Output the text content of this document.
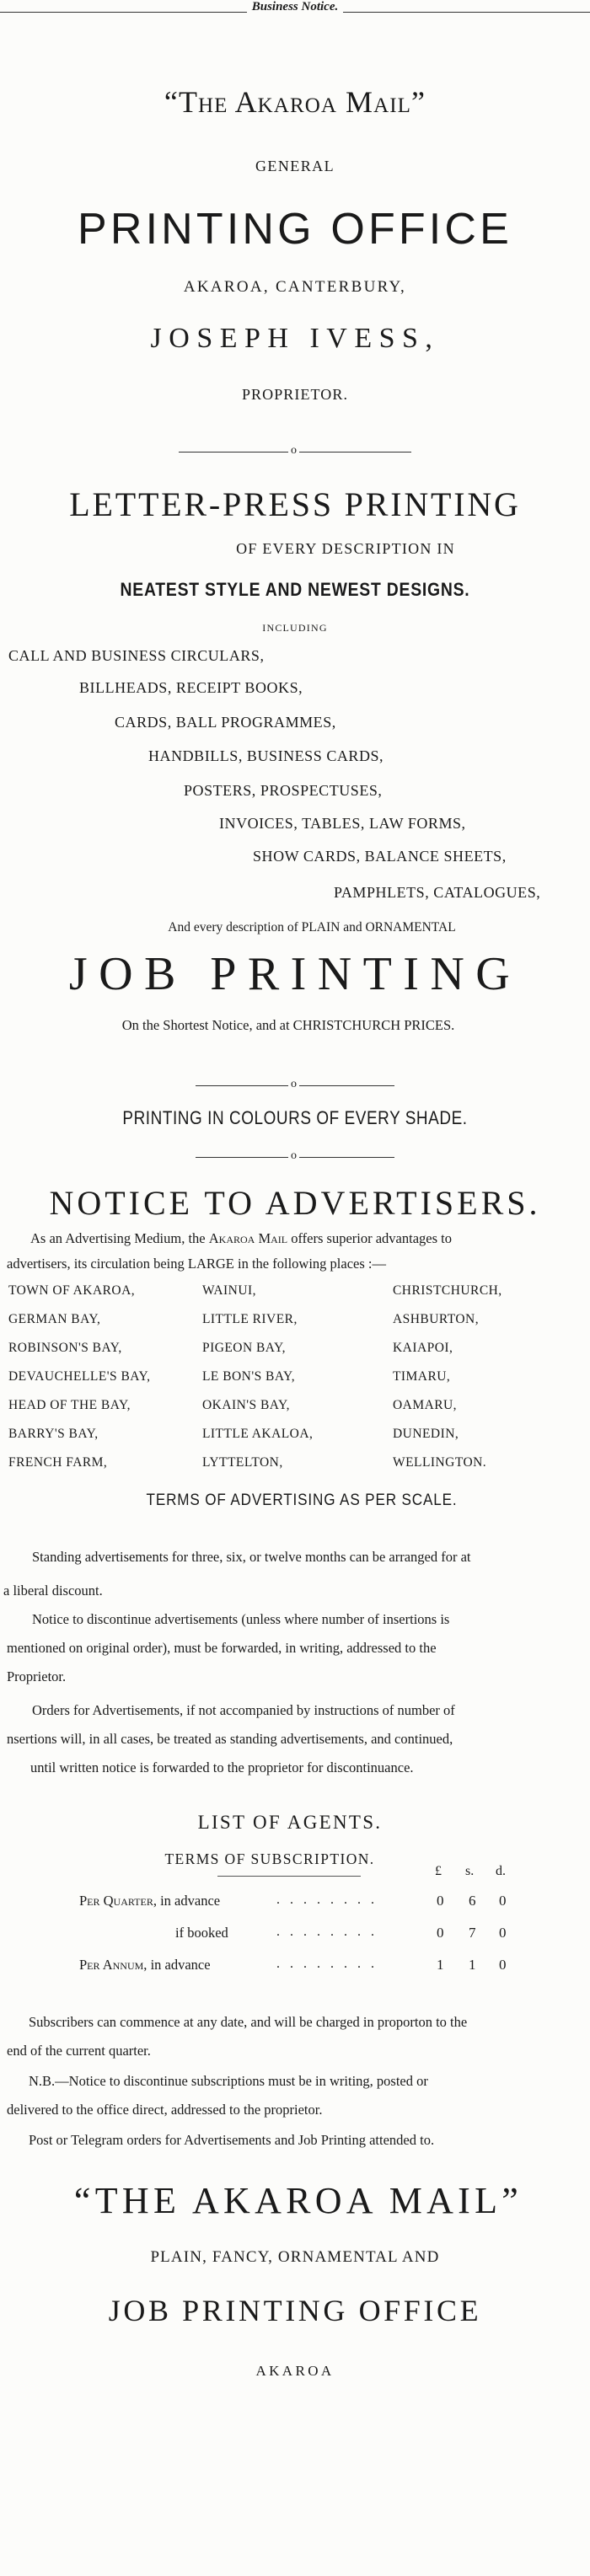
Business Notice.
“The Akaroa Mail”
GENERAL
PRINTING OFFICE
AKAROA, CANTERBURY,
JOSEPH IVESS,
PROPRIETOR.
o
LETTER-PRESS PRINTING
OF EVERY DESCRIPTION IN
NEATEST STYLE AND NEWEST DESIGNS.
INCLUDING
CALL AND BUSINESS CIRCULARS,
BILLHEADS, RECEIPT BOOKS,
CARDS, BALL PROGRAMMES,
HANDBILLS, BUSINESS CARDS,
POSTERS, PROSPECTUSES,
INVOICES, TABLES, LAW FORMS,
SHOW CARDS, BALANCE SHEETS,
PAMPHLETS, CATALOGUES,
And every description of PLAIN and ORNAMENTAL
JOB PRINTING
On the Shortest Notice, and at CHRISTCHURCH PRICES.
o
PRINTING IN COLOURS OF EVERY SHADE.
o
NOTICE TO ADVERTISERS.
As an Advertising Medium, the Akaroa Mail offers superior advantages to
advertisers, its circulation being LARGE in the following places :—
TOWN OF AKAROA,	WAINUI,	CHRISTCHURCH,
GERMAN BAY,	LITTLE RIVER,	ASHBURTON,
ROBINSON'S BAY,	PIGEON BAY,	KAIAPOI,
DEVAUCHELLE'S BAY,	LE BON'S BAY,	TIMARU,
HEAD OF THE BAY,	OKAIN'S BAY,	OAMARU,
BARRY'S BAY,	LITTLE AKALOA,	DUNEDIN,
FRENCH FARM,	LYTTELTON,	WELLINGTON.
TERMS OF ADVERTISING AS PER SCALE.
Standing advertisements for three, six, or twelve months can be arranged for at
a liberal discount.
Notice to discontinue advertisements (unless where number of insertions is
mentioned on original order), must be forwarded, in writing, addressed to the
Proprietor.
Orders for Advertisements, if not accompanied by instructions of number of
nsertions will, in all cases, be treated as standing advertisements, and continued,
until written notice is forwarded to the proprietor for discontinuance.
LIST OF AGENTS.
TERMS OF SUBSCRIPTION.
£ s. d.
Per Quarter, in advance	. . . . . . . .	0 6 0
if booked	. . . . . . . .	0 7 0
Per Annum, in advance	. . . . . . . .	1 1 0
Subscribers can commence at any date, and will be charged in proporton to the
end of the current quarter.
N.B.—Notice to discontinue subscriptions must be in writing, posted or
delivered to the office direct, addressed to the proprietor.
Post or Telegram orders for Advertisements and Job Printing attended to.
“THE AKAROA MAIL”
PLAIN, FANCY, ORNAMENTAL AND
JOB PRINTING OFFICE
AKAROA
